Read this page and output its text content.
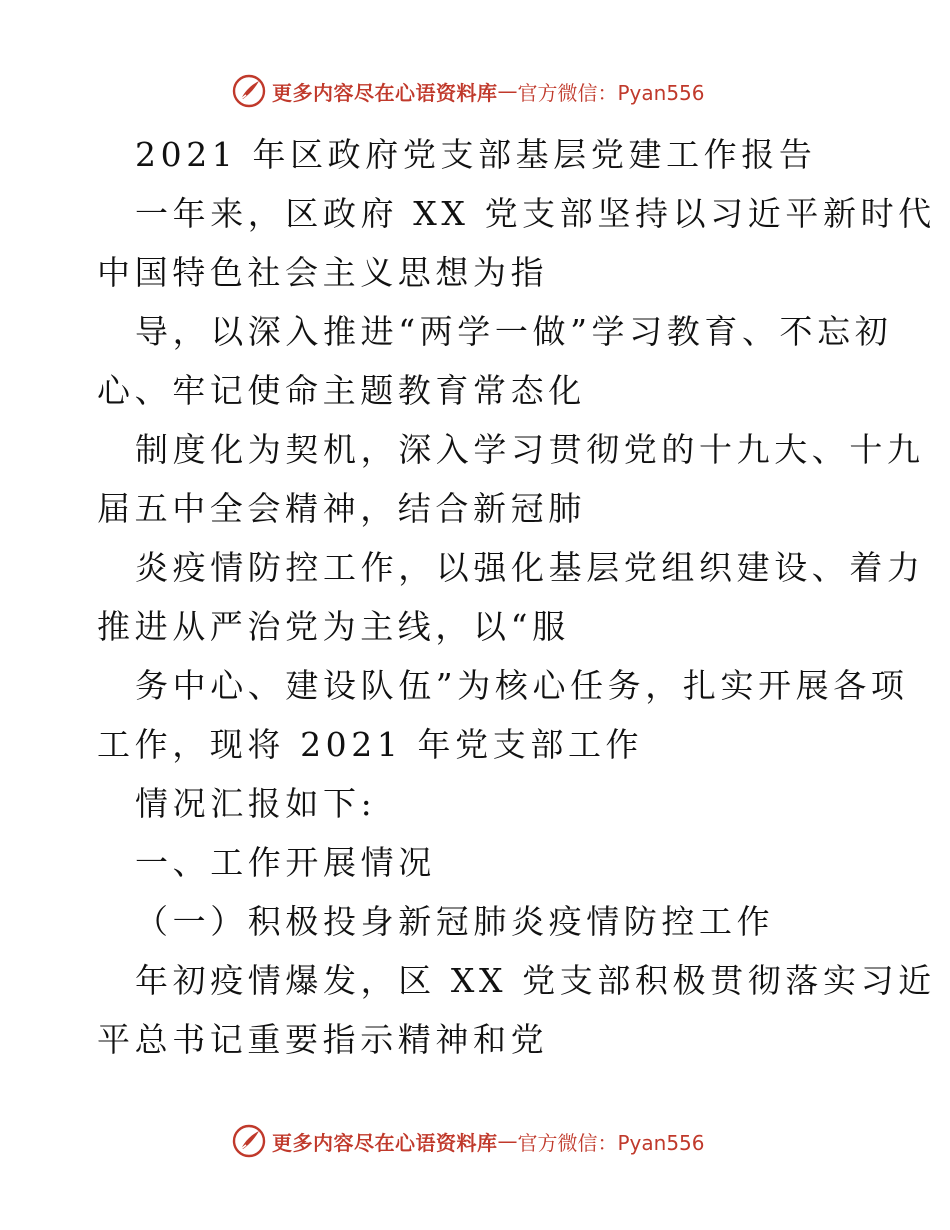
更多内容尽在心语资料库 — 官方微信：Pyan556
2021 年区政府党支部基层党建工作报告
一年来，区政府 XX 党支部坚持以习近平新时代
中国特色社会主义思想为指
导，以深入推进“两学一做”学习教育、不忘初
心、牢记使命主题教育常态化
制度化为契机，深入学习贯彻党的十九大、十九
届五中全会精神，结合新冠肺
炎疫情防控工作，以强化基层党组织建设、着力
推进从严治党为主线，以“服
务中心、建设队伍”为核心任务，扎实开展各项
工作，现将 2021 年党支部工作
情况汇报如下:
一、工作开展情况
（一）积极投身新冠肺炎疫情防控工作
年初疫情爆发，区 XX 党支部积极贯彻落实习近
平总书记重要指示精神和党
更多内容尽在心语资料库 — 官方微信：Pyan556
